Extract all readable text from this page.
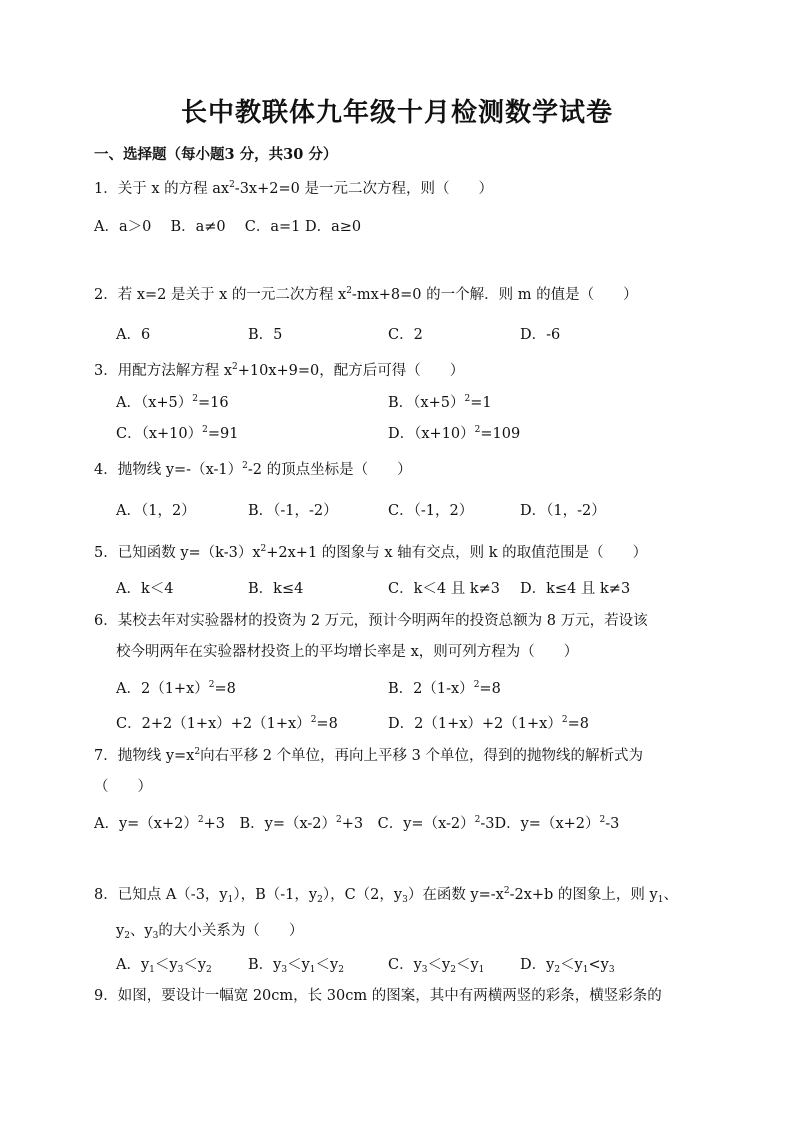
长中教联体九年级十月检测数学试卷
一、选择题（每小题3 分，共30 分）
1．关于 x 的方程 $ax^2-3x+2=0$ 是一元二次方程，则（　　）
A．a＞0　 B．a≠0　 C．a=1 D．a≥0
2．若 x=2 是关于 x 的一元二次方程 $x^2-mx+8=0$ 的一个解．则 m 的值是（　　）
A．6	B．5	C．2	D．-6
3．用配方法解方程 $x^2+10x+9=0$，配方后可得（　　）
A．$(x+5)^2=16$	B．$(x+5)^2=1$
C．$(x+10)^2=91$	D．$(x+10)^2=109$
4．抛物线 $y=-(x-1)^2-2$ 的顶点坐标是（　　）
A．（1，2）	B．（-1，-2）	C．（-1，2）	D．（1，-2）
5．已知函数 $y=(k-3)x^2+2x+1$ 的图象与 x 轴有交点，则 k 的取值范围是（　　）
A．k＜4	B．k≤4	C．k＜4 且 k≠3 D．k≤4 且 k≠3
6．某校去年对实验器材的投资为 2 万元，预计今明两年的投资总额为 8 万元，若设该
校今明两年在实验器材投资上的平均增长率是 x，则可列方程为（　　）
A．$2(1+x)^2=8$	B．$2(1-x)^2=8$
C．$2+2(1+x)+2(1+x)^2=8$	D．$2(1+x)+2(1+x)^2=8$
7．抛物线 $y=x^2$向右平移 2 个单位，再向上平移 3 个单位，得到的抛物线的解析式为
（　　）
A．$y=(x+2)^2+3$　 B．$y=(x-2)^2+3$　 C．$y=(x-2)^2-3D$．$y=(x+2)^2-3$
8．已知点 A（-3，$y_1$），B（-1，$y_2$），C（2，$y_3$）在函数 $y=-x^2-2x+b$ 的图象上，则 $y_1$、
$y_2$、$y_3$的大小关系为（　　）
A．$y_1<y_3<y_2$ B．$y_3<y_1<y_2$	C．$y_3<y_2<y_1$ D．$y_2<y_1<y_3$
9．如图，要设计一幅宽 20cm，长 30cm 的图案，其中有两横两竖的彩条，横竖彩条的
